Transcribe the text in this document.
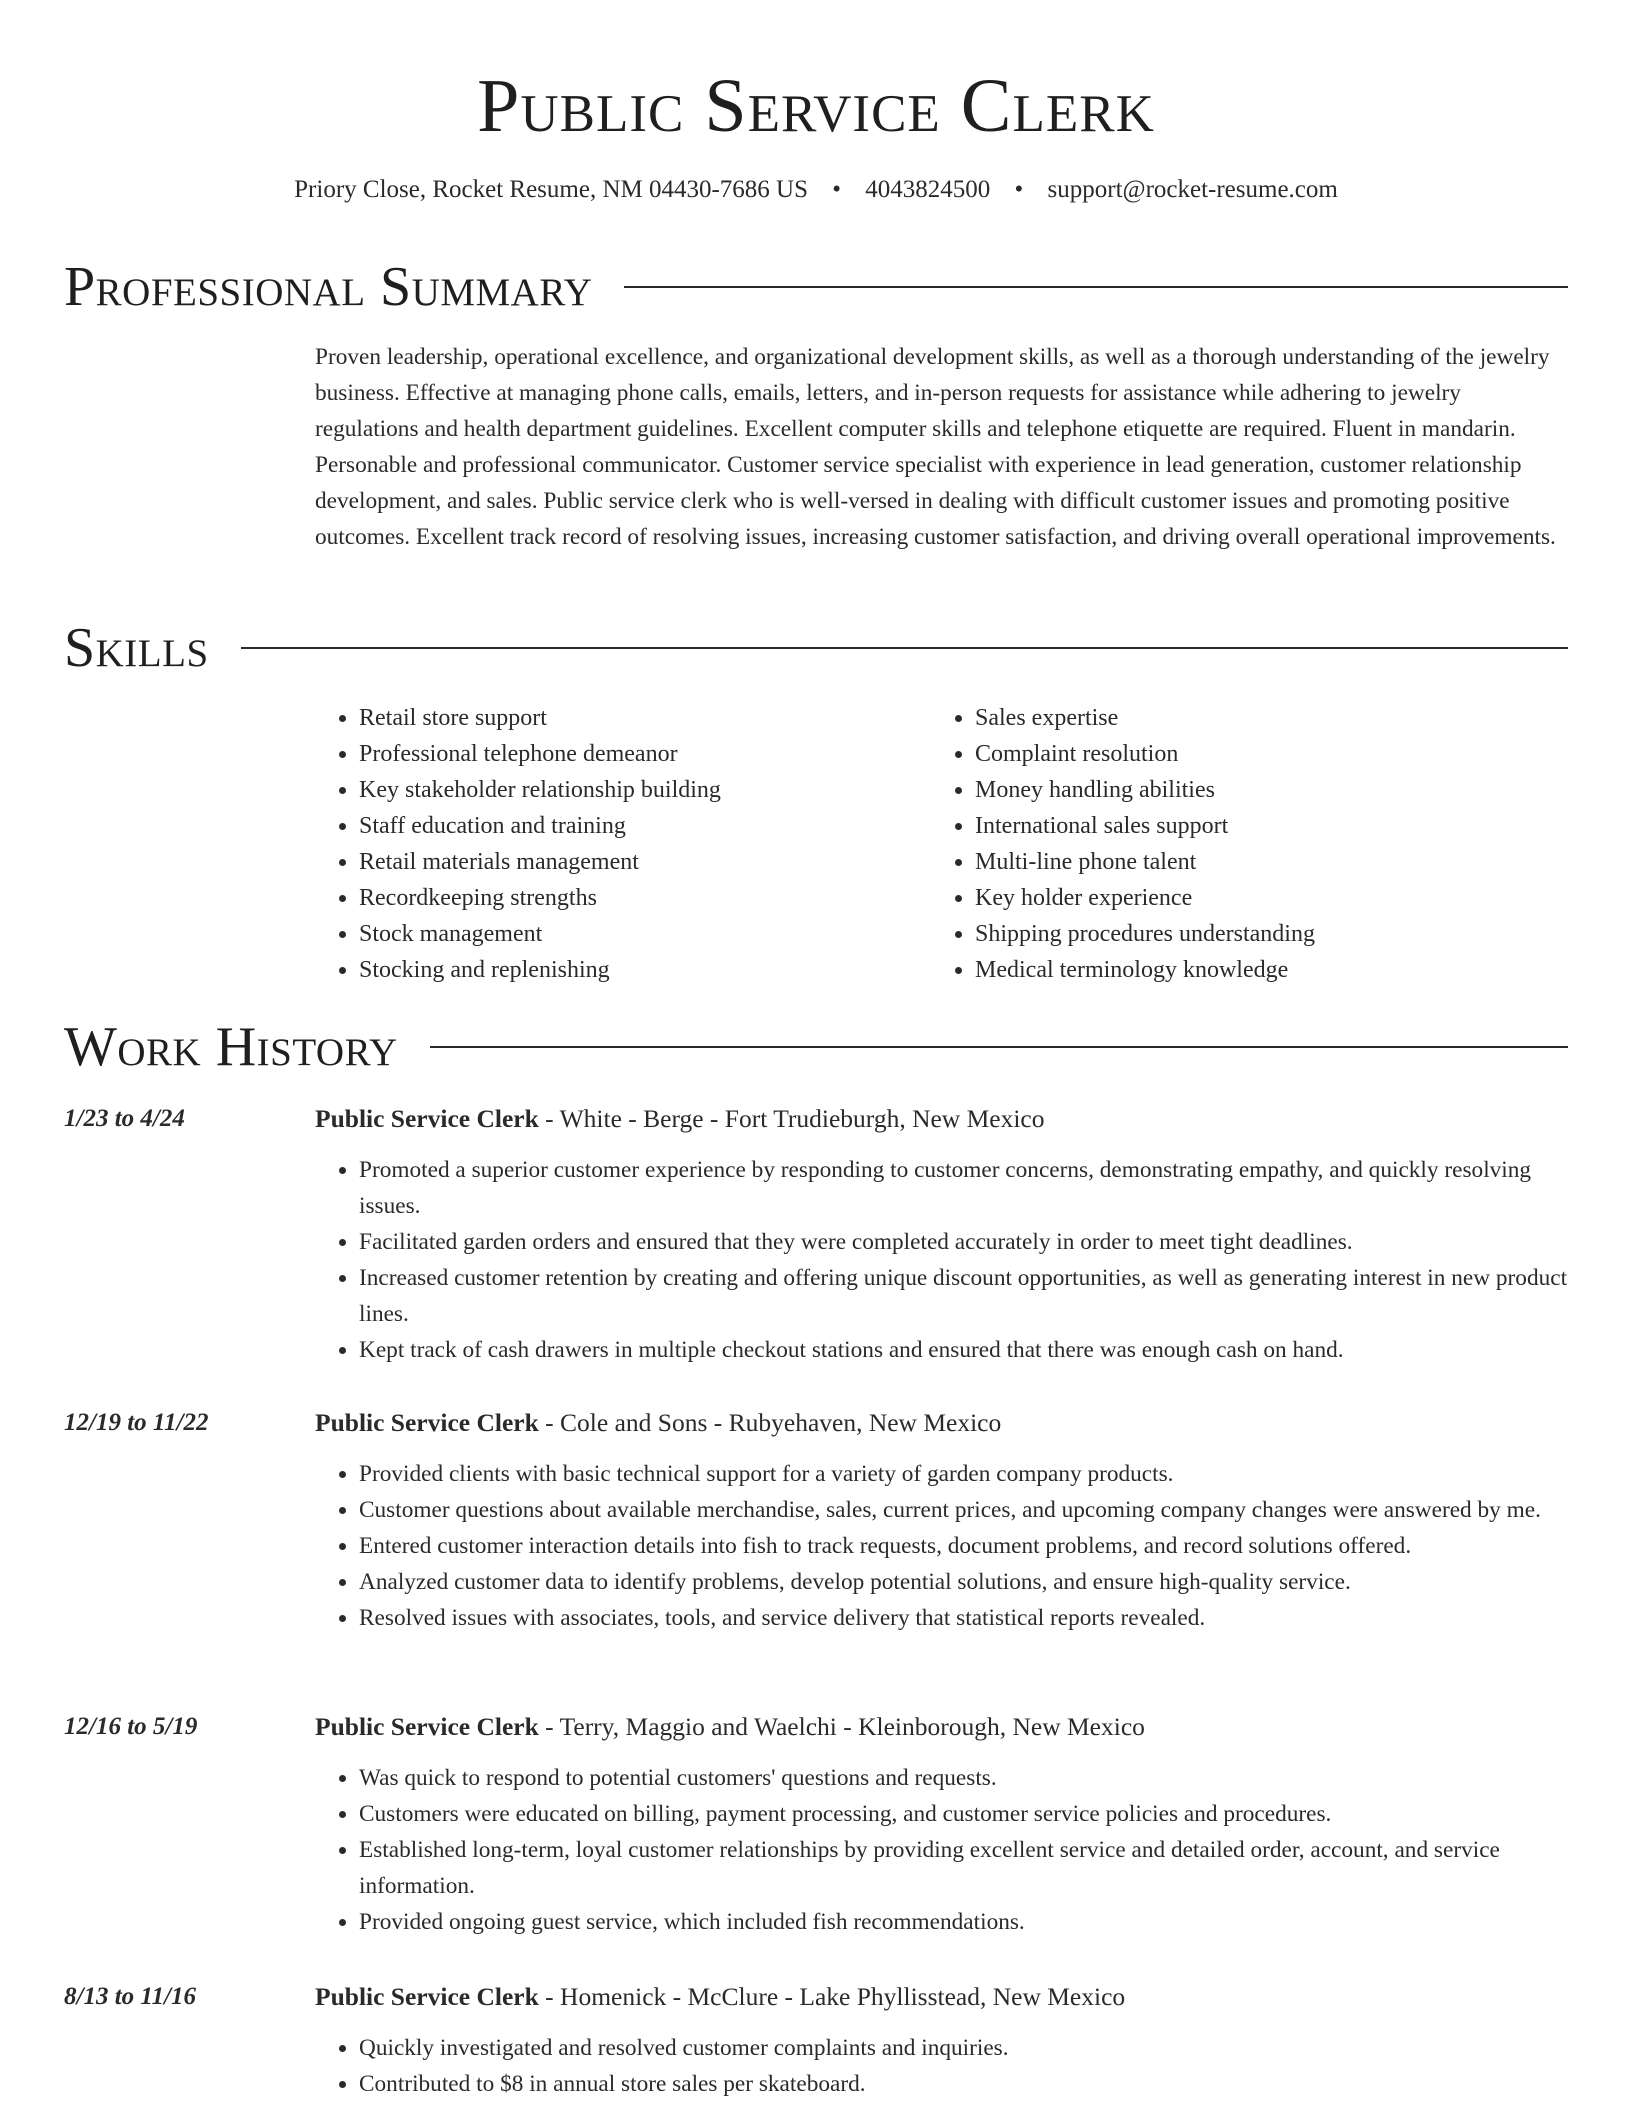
Public Service Clerk
Priory Close, Rocket Resume, NM 04430-7686 US • 4043824500 • support@rocket-resume.com
Professional Summary

Proven leadership, operational excellence, and organizational development skills, as well as a thorough understanding of the jewelry business. Effective at managing phone calls, emails, letters, and in-person requests for assistance while adhering to jewelry regulations and health department guidelines. Excellent computer skills and telephone etiquette are required. Fluent in mandarin. Personable and professional communicator. Customer service specialist with experience in lead generation, customer relationship development, and sales. Public service clerk who is well-versed in dealing with difficult customer issues and promoting positive outcomes. Excellent track record of resolving issues, increasing customer satisfaction, and driving overall operational improvements.

Skills
• Retail store support
• Professional telephone demeanor
• Key stakeholder relationship building
• Staff education and training
• Retail materials management
• Recordkeeping strengths
• Stock management
• Stocking and replenishing
• Sales expertise
• Complaint resolution
• Money handling abilities
• International sales support
• Multi-line phone talent
• Key holder experience
• Shipping procedures understanding
• Medical terminology knowledge
Work History
1/23 to 4/24	Public Service Clerk - White - Berge - Fort Trudieburgh, New Mexico
• Promoted a superior customer experience by responding to customer concerns, demonstrating empathy, and quickly resolving issues.
• Facilitated garden orders and ensured that they were completed accurately in order to meet tight deadlines.
• Increased customer retention by creating and offering unique discount opportunities, as well as generating interest in new product lines.
• Kept track of cash drawers in multiple checkout stations and ensured that there was enough cash on hand.
12/19 to 11/22	Public Service Clerk - Cole and Sons - Rubyehaven, New Mexico
• Provided clients with basic technical support for a variety of garden company products.
• Customer questions about available merchandise, sales, current prices, and upcoming company changes were answered by me.
• Entered customer interaction details into fish to track requests, document problems, and record solutions offered.
• Analyzed customer data to identify problems, develop potential solutions, and ensure high-quality service.
• Resolved issues with associates, tools, and service delivery that statistical reports revealed.
12/16 to 5/19	Public Service Clerk - Terry, Maggio and Waelchi - Kleinborough, New Mexico
• Was quick to respond to potential customers' questions and requests.
• Customers were educated on billing, payment processing, and customer service policies and procedures.
• Established long-term, loyal customer relationships by providing excellent service and detailed order, account, and service information.
• Provided ongoing guest service, which included fish recommendations.
8/13 to 11/16	Public Service Clerk - Homenick - McClure - Lake Phyllisstead, New Mexico
• Quickly investigated and resolved customer complaints and inquiries.
• Contributed to $8 in annual store sales per skateboard.
